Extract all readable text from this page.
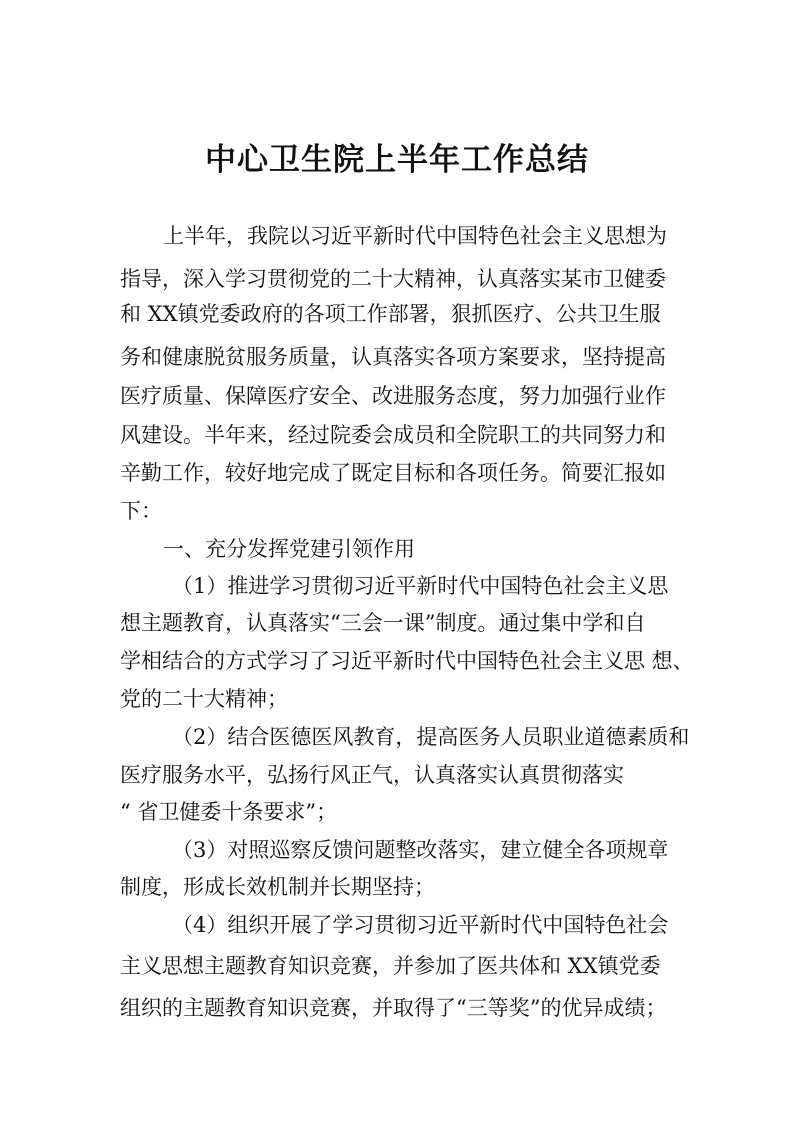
中心卫生院上半年工作总结
上半年，我院以习近平新时代中国特色社会主义思想为
指导，深入学习贯彻党的二十大精神，认真落实某市卫健委
和 XX镇党委政府的各项工作部署，狠抓医疗、公共卫生服
务和健康脱贫服务质量，认真落实各项方案要求，坚持提高
医疗质量、保障医疗安全、改进服务态度，努力加强行业作
风建设。半年来，经过院委会成员和全院职工的共同努力和
辛勤工作，较好地完成了既定目标和各项任务。简要汇报如
下：
一、充分发挥党建引领作用
（1）推进学习贯彻习近平新时代中国特色社会主义思
想主题教育，认真落实“三会一课”制度。通过集中学和自
学相结合的方式学习了习近平新时代中国特色社会主义思 想、
党的二十大精神；
（2）结合医德医风教育，提高医务人员职业道德素质和
医疗服务水平，弘扬行风正气，认真落实认真贯彻落实
“ 省卫健委十条要求”；
（3）对照巡察反馈问题整改落实，建立健全各项规章
制度，形成长效机制并长期坚持；
（4）组织开展了学习贯彻习近平新时代中国特色社会
主义思想主题教育知识竞赛，并参加了医共体和 XX镇党委
组织的主题教育知识竞赛，并取得了“三等奖”的优异成绩；
